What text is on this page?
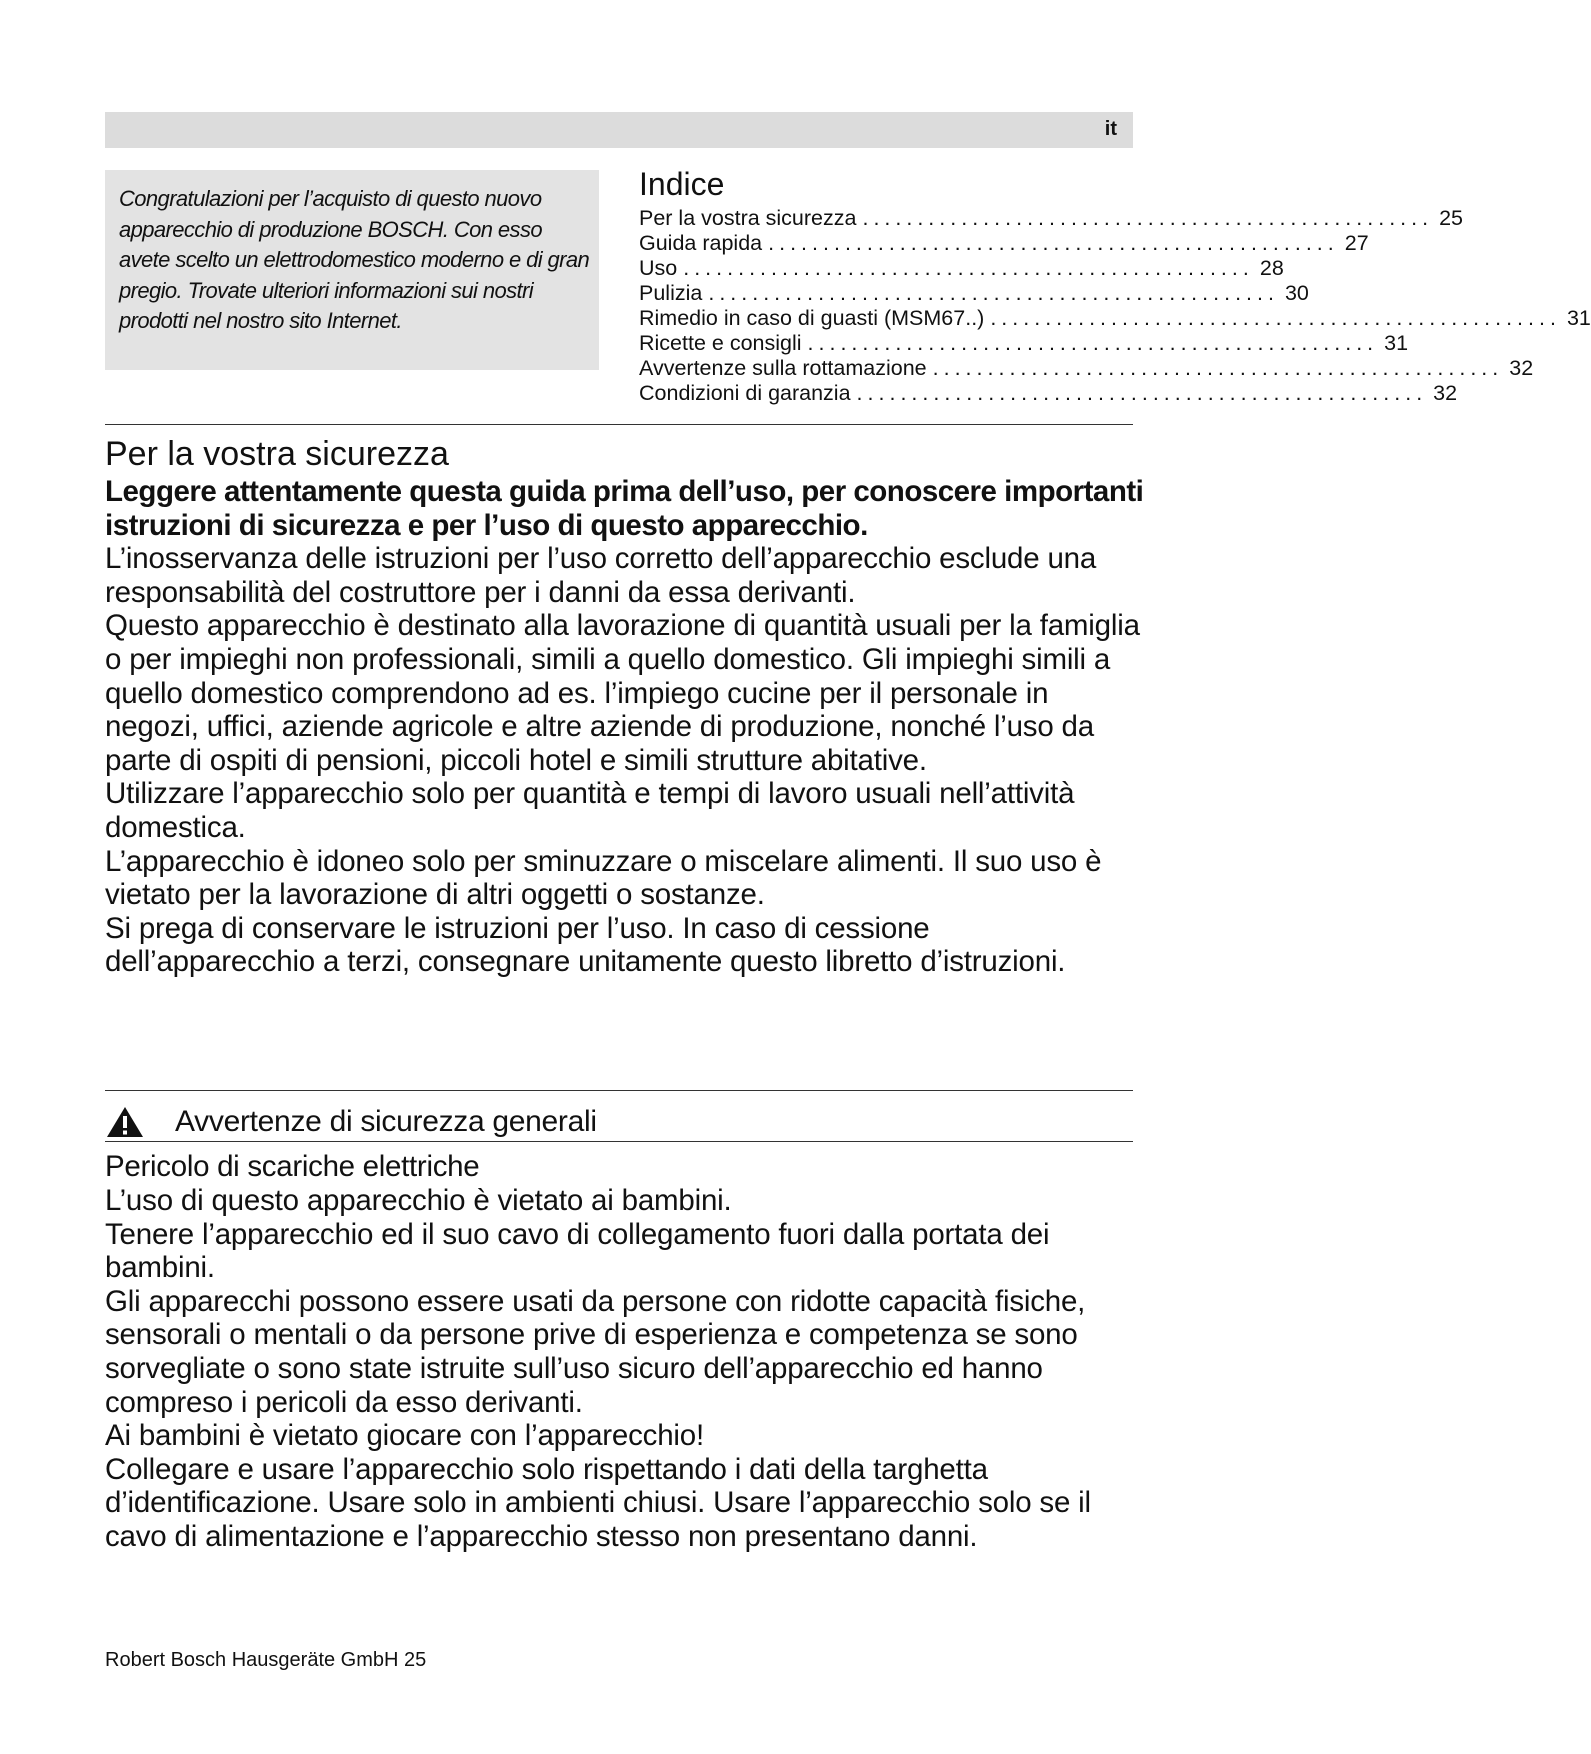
it

Congratulazioni per l’acquisto di questo nuovo apparecchio di produzione BOSCH. Con esso avete scelto un elettrodomestico moderno e di gran pregio. Trovate ulteriori informazioni sui nostri prodotti nel nostro sito Internet.

Indice
Per la vostra sicurezza .................................................... 25
Guida rapida .................................................... 27
Uso .................................................... 28
Pulizia .................................................... 30
Rimedio in caso di guasti (MSM67..) .................................................... 31
Ricette e consigli .................................................... 31
Avvertenze sulla rottamazione .................................................... 32
Condizioni di garanzia .................................................... 32
Per la vostra sicurezza

Leggere attentamente questa guida prima dell’uso, per conoscere importanti istruzioni di sicurezza e per l’uso di questo apparecchio.

L’inosservanza delle istruzioni per l’uso corretto dell’apparecchio esclude una responsabilità del costruttore per i danni da essa derivanti.

Questo apparecchio è destinato alla lavorazione di quantità usuali per la famiglia o per impieghi non professionali, simili a quello domestico. Gli impieghi simili a quello domestico comprendono ad es. l’impiego cucine per il personale in negozi, uffici, aziende agricole e altre aziende di produzione, nonché l’uso da parte di ospiti di pensioni, piccoli hotel e simili strutture abitative.

Utilizzare l’apparecchio solo per quantità e tempi di lavoro usuali nell’attività domestica.

L’apparecchio è idoneo solo per sminuzzare o miscelare alimenti. Il suo uso è vietato per la lavorazione di altri oggetti o sostanze.

Si prega di conservare le istruzioni per l’uso. In caso di cessione dell’apparecchio a terzi, consegnare unitamente questo libretto d’istruzioni.

Avvertenze di sicurezza generali
Pericolo di scariche elettriche

L’uso di questo apparecchio è vietato ai bambini.

Tenere l’apparecchio ed il suo cavo di collegamento fuori dalla portata dei bambini.

Gli apparecchi possono essere usati da persone con ridotte capacità fisiche, sensorali o mentali o da persone prive di esperienza e competenza se sono sorvegliate o sono state istruite sull’uso sicuro dell’apparecchio ed hanno compreso i pericoli da esso derivanti.

Ai bambini è vietato giocare con l’apparecchio!

Collegare e usare l’apparecchio solo rispettando i dati della targhetta d’identificazione. Usare solo in ambienti chiusi. Usare l’apparecchio solo se il cavo di alimentazione e l’apparecchio stesso non presentano danni.

Robert Bosch Hausgeräte GmbH 25
